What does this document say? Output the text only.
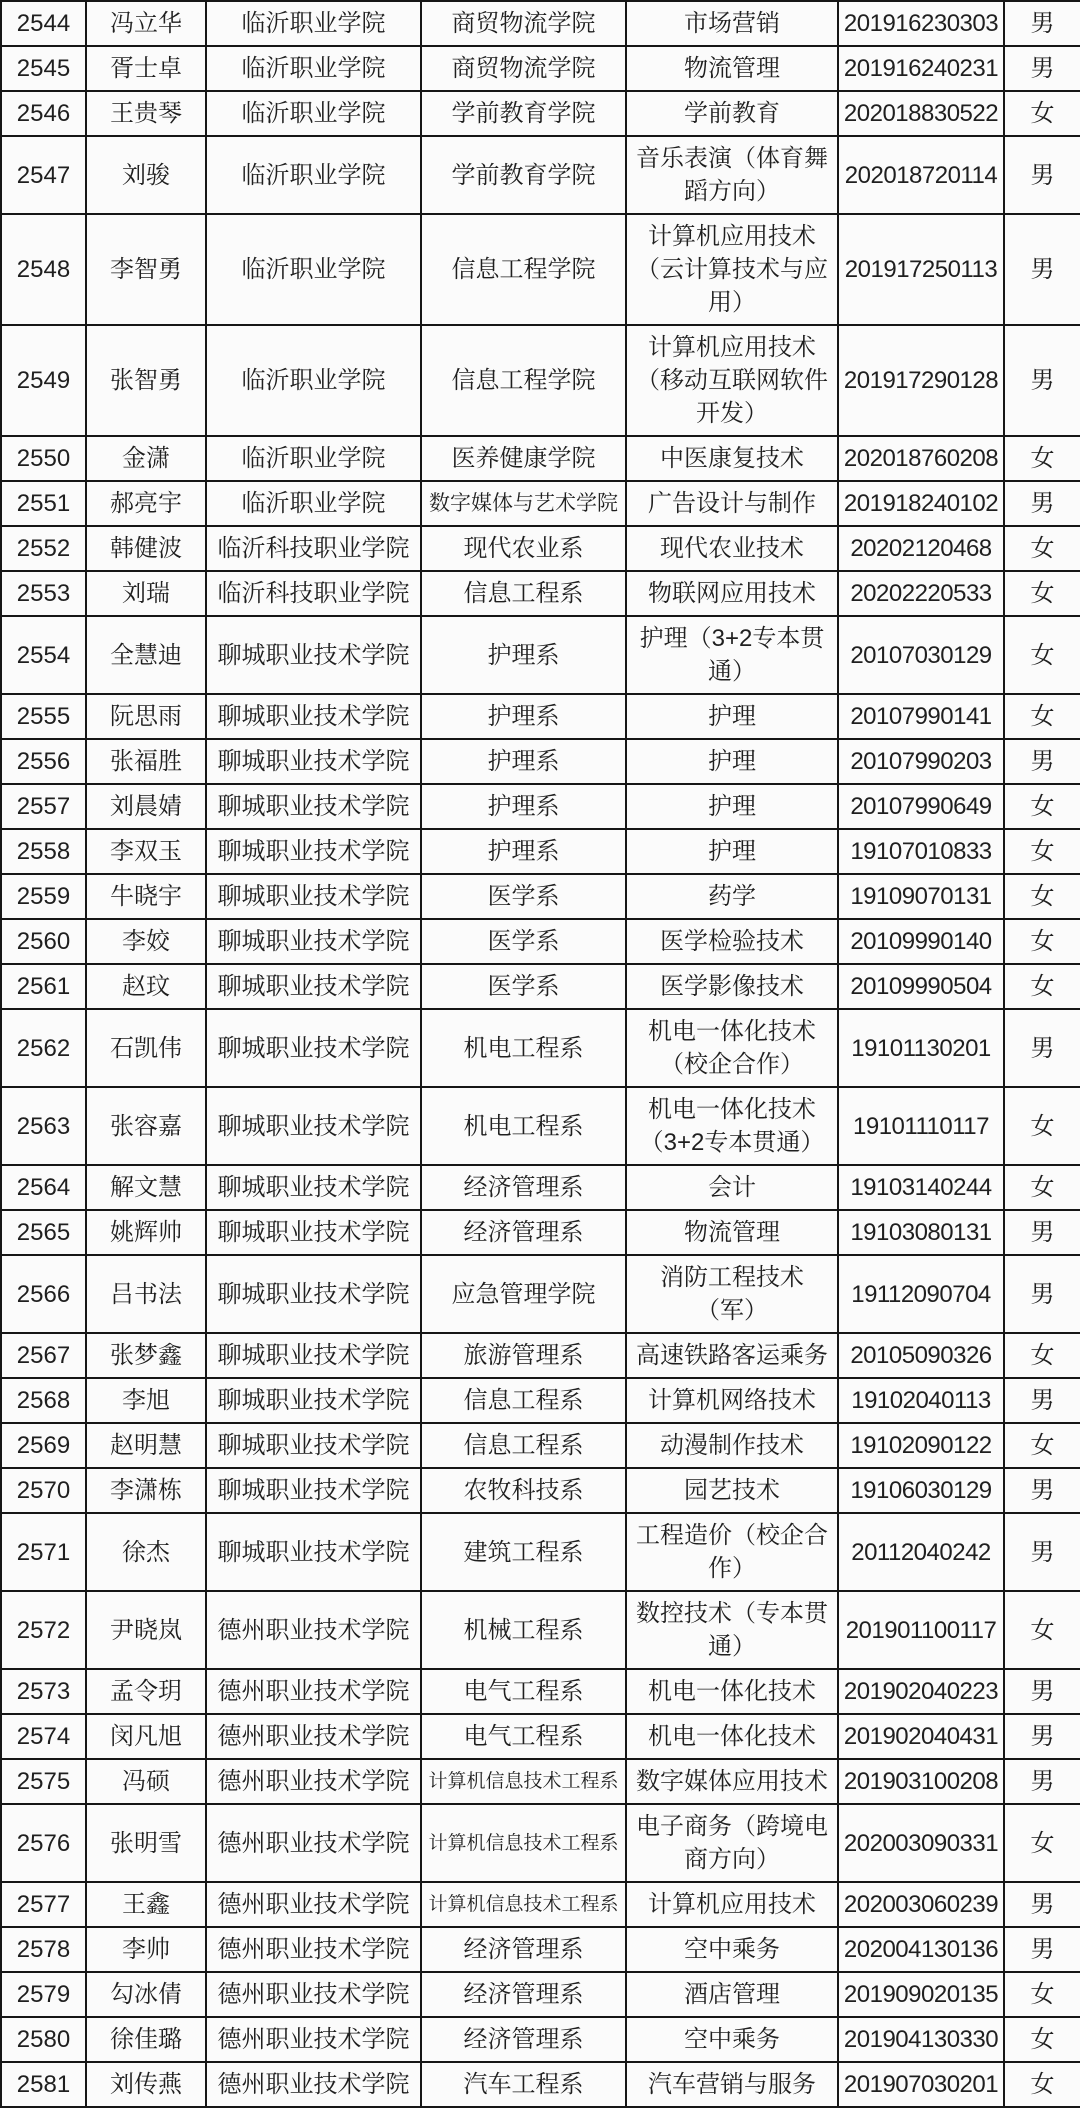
2544	冯立华	临沂职业学院	商贸物流学院	市场营销	201916230303	男
2545	胥士卓	临沂职业学院	商贸物流学院	物流管理	201916240231	男
2546	王贵琴	临沂职业学院	学前教育学院	学前教育	202018830522	女
2547	刘骏	临沂职业学院	学前教育学院	音乐表演（体育舞蹈方向）	202018720114	男
2548	李智勇	临沂职业学院	信息工程学院	计算机应用技术（云计算技术与应用）	201917250113	男
2549	张智勇	临沂职业学院	信息工程学院	计算机应用技术（移动互联网软件开发）	201917290128	男
2550	金潇	临沂职业学院	医养健康学院	中医康复技术	202018760208	女
2551	郝亮宇	临沂职业学院	数字媒体与艺术学院	广告设计与制作	201918240102	男
2552	韩健波	临沂科技职业学院	现代农业系	现代农业技术	20202120468	女
2553	刘瑞	临沂科技职业学院	信息工程系	物联网应用技术	20202220533	女
2554	全慧迪	聊城职业技术学院	护理系	护理（3+2专本贯通）	20107030129	女
2555	阮思雨	聊城职业技术学院	护理系	护理	20107990141	女
2556	张福胜	聊城职业技术学院	护理系	护理	20107990203	男
2557	刘晨婧	聊城职业技术学院	护理系	护理	20107990649	女
2558	李双玉	聊城职业技术学院	护理系	护理	19107010833	女
2559	牛晓宇	聊城职业技术学院	医学系	药学	19109070131	女
2560	李姣	聊城职业技术学院	医学系	医学检验技术	20109990140	女
2561	赵玟	聊城职业技术学院	医学系	医学影像技术	20109990504	女
2562	石凯伟	聊城职业技术学院	机电工程系	机电一体化技术（校企合作）	19101130201	男
2563	张容嘉	聊城职业技术学院	机电工程系	机电一体化技术（3+2专本贯通）	19101110117	女
2564	解文慧	聊城职业技术学院	经济管理系	会计	19103140244	女
2565	姚辉帅	聊城职业技术学院	经济管理系	物流管理	19103080131	男
2566	吕书法	聊城职业技术学院	应急管理学院	消防工程技术（军）	19112090704	男
2567	张梦鑫	聊城职业技术学院	旅游管理系	高速铁路客运乘务	20105090326	女
2568	李旭	聊城职业技术学院	信息工程系	计算机网络技术	19102040113	男
2569	赵明慧	聊城职业技术学院	信息工程系	动漫制作技术	19102090122	女
2570	李潇栋	聊城职业技术学院	农牧科技系	园艺技术	19106030129	男
2571	徐杰	聊城职业技术学院	建筑工程系	工程造价（校企合作）	20112040242	男
2572	尹晓岚	德州职业技术学院	机械工程系	数控技术（专本贯通）	201901100117	女
2573	孟令玥	德州职业技术学院	电气工程系	机电一体化技术	201902040223	男
2574	闵凡旭	德州职业技术学院	电气工程系	机电一体化技术	201902040431	男
2575	冯硕	德州职业技术学院	计算机信息技术工程系	数字媒体应用技术	201903100208	男
2576	张明雪	德州职业技术学院	计算机信息技术工程系	电子商务（跨境电商方向）	202003090331	女
2577	王鑫	德州职业技术学院	计算机信息技术工程系	计算机应用技术	202003060239	男
2578	李帅	德州职业技术学院	经济管理系	空中乘务	202004130136	男
2579	勾冰倩	德州职业技术学院	经济管理系	酒店管理	201909020135	女
2580	徐佳璐	德州职业技术学院	经济管理系	空中乘务	201904130330	女
2581	刘传燕	德州职业技术学院	汽车工程系	汽车营销与服务	201907030201	女
